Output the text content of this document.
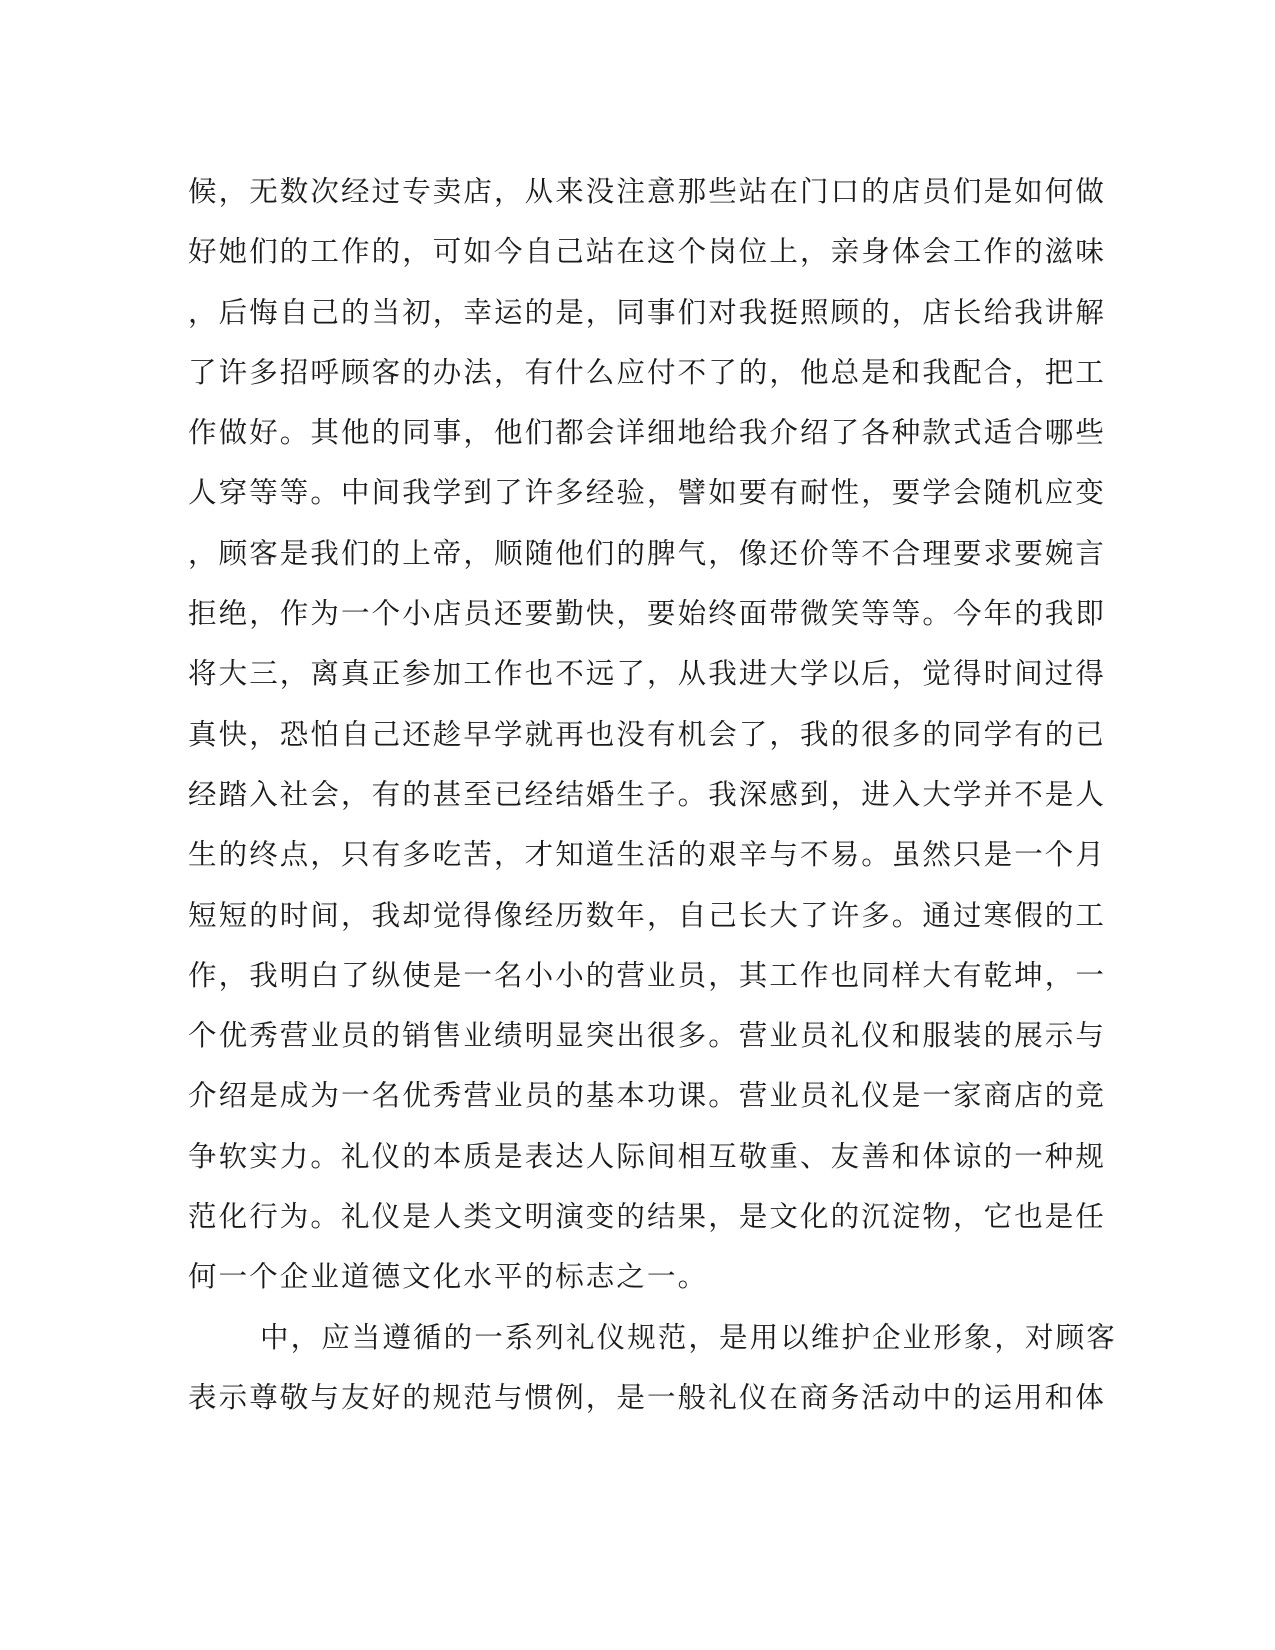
候，无数次经过专卖店，从来没注意那些站在门口的店员们是如何做
好她们的工作的，可如今自己站在这个岗位上，亲身体会工作的滋味
，后悔自己的当初，幸运的是，同事们对我挺照顾的，店长给我讲解
了许多招呼顾客的办法，有什么应付不了的，他总是和我配合，把工
作做好。其他的同事，他们都会详细地给我介绍了各种款式适合哪些
人穿等等。中间我学到了许多经验，譬如要有耐性，要学会随机应变
，顾客是我们的上帝，顺随他们的脾气，像还价等不合理要求要婉言
拒绝，作为一个小店员还要勤快，要始终面带微笑等等。今年的我即
将大三，离真正参加工作也不远了，从我进大学以后，觉得时间过得
真快，恐怕自己还趁早学就再也没有机会了，我的很多的同学有的已
经踏入社会，有的甚至已经结婚生子。我深感到，进入大学并不是人
生的终点，只有多吃苦，才知道生活的艰辛与不易。虽然只是一个月
短短的时间，我却觉得像经历数年，自己长大了许多。通过寒假的工
作，我明白了纵使是一名小小的营业员，其工作也同样大有乾坤，一
个优秀营业员的销售业绩明显突出很多。营业员礼仪和服装的展示与
介绍是成为一名优秀营业员的基本功课。营业员礼仪是一家商店的竞
争软实力。礼仪的本质是表达人际间相互敬重、友善和体谅的一种规
范化行为。礼仪是人类文明演变的结果，是文化的沉淀物，它也是任
何一个企业道德文化水平的标志之一。
中，应当遵循的一系列礼仪规范，是用以维护企业形象，对顾客
表示尊敬与友好的规范与惯例，是一般礼仪在商务活动中的运用和体
